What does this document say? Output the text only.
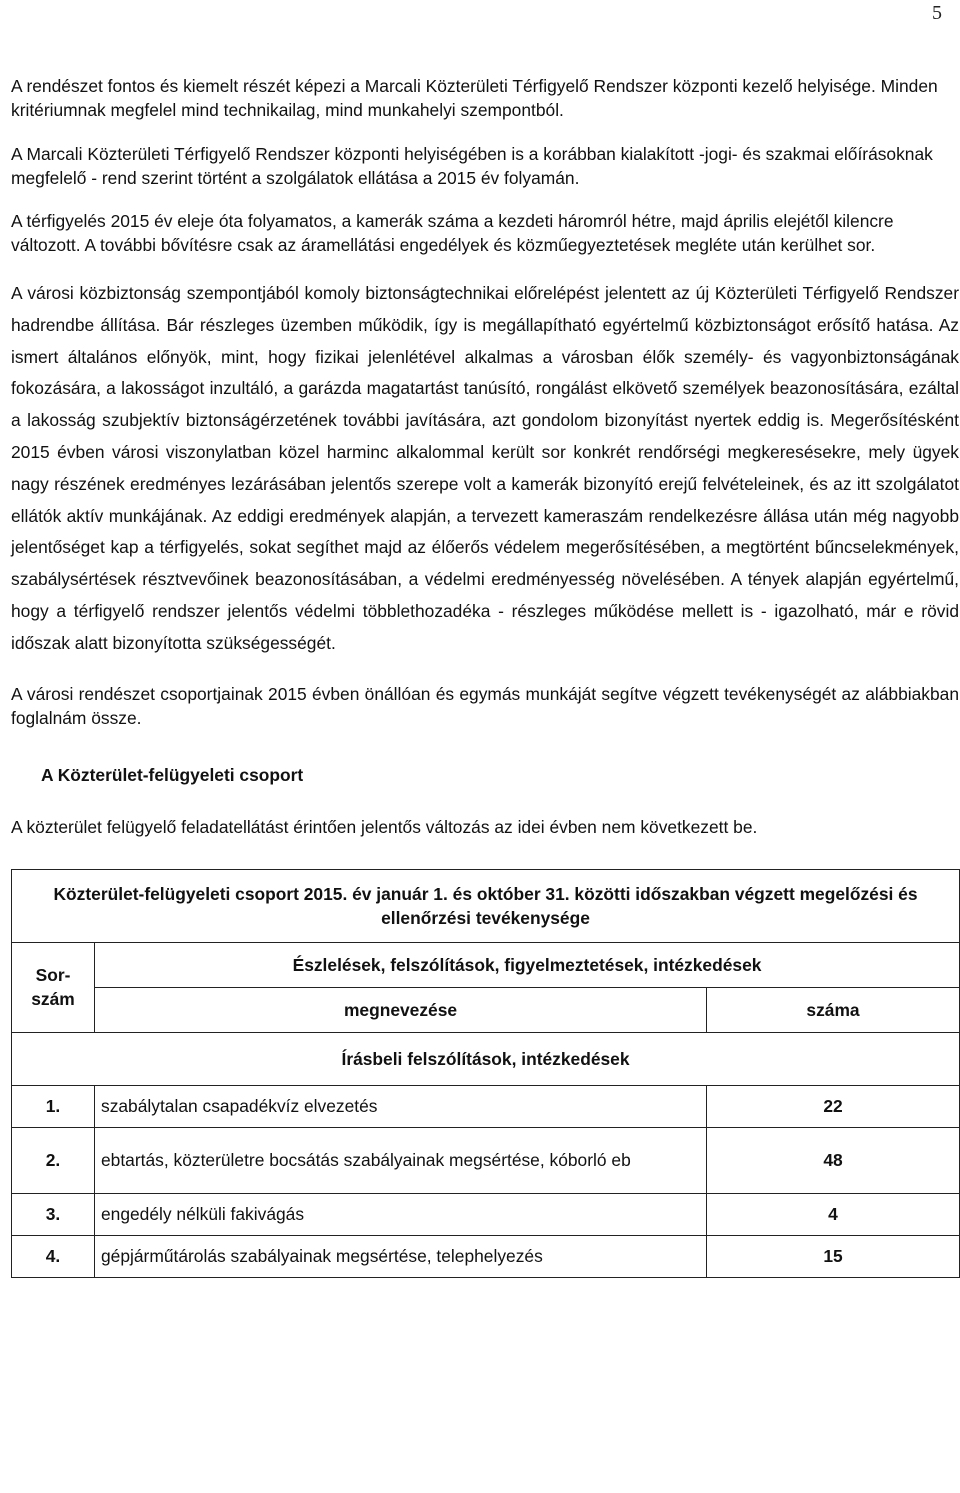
5

A rendészet fontos és kiemelt részét képezi a Marcali Közterületi Térfigyelő Rendszer központi kezelő helyisége. Minden kritériumnak megfelel mind technikailag, mind munkahelyi szempontból.

A Marcali Közterületi Térfigyelő Rendszer központi helyiségében is a korábban kialakított -jogi- és szakmai előírásoknak megfelelő - rend szerint történt a szolgálatok ellátása a 2015 év folyamán.

A térfigyelés 2015 év eleje óta folyamatos, a kamerák száma a kezdeti háromról hétre, majd április elejétől kilencre változott. A további bővítésre csak az áramellátási engedélyek és közműegyeztetések megléte után kerülhet sor.

A városi közbiztonság szempontjából komoly biztonságtechnikai előrelépést jelentett az új Közterületi Térfigyelő Rendszer hadrendbe állítása. Bár részleges üzemben működik, így is megállapítható egyértelmű közbiztonságot erősítő hatása. Az ismert általános előnyök, mint, hogy fizikai jelenlétével alkalmas a városban élők személy- és vagyonbiztonságának fokozására, a lakosságot inzultáló, a garázda magatartást tanúsító, rongálást elkövető személyek beazonosítására, ezáltal a lakosság szubjektív biztonságérzetének további javítására, azt gondolom bizonyítást nyertek eddig is. Megerősítésként 2015 évben városi viszonylatban közel harminc alkalommal került sor konkrét rendőrségi megkeresésekre, mely ügyek nagy részének eredményes lezárásában jelentős szerepe volt a kamerák bizonyító erejű felvételeinek, és az itt szolgálatot ellátók aktív munkájának. Az eddigi eredmények alapján, a tervezett kameraszám rendelkezésre állása után még nagyobb jelentőséget kap a térfigyelés, sokat segíthet majd az élőerős védelem megerősítésében, a megtörtént bűncselekmények, szabálysértések résztvevőinek beazonosításában, a védelmi eredményesség növelésében. A tények alapján egyértelmű, hogy a térfigyelő rendszer jelentős védelmi többlethozadéka - részleges működése mellett is - igazolható, már e rövid időszak alatt bizonyította szükségességét.

A városi rendészet csoportjainak 2015 évben önállóan és egymás munkáját segítve végzett tevékenységét az alábbiakban foglalnám össze.

A Közterület-felügyeleti csoport

A közterület felügyelő feladatellátást érintően jelentős változás az idei évben nem következett be.

Közterület-felügyeleti csoport 2015. év január 1. és október 31. közötti időszakban végzett megelőzési és ellenőrzési tevékenysége		
Sor-
szám	Észlelések, felszólítások, figyelmeztetések, intézkedések	
	megnevezése	száma
Írásbeli felszólítások, intézkedések		
1.	szabálytalan csapadékvíz elvezetés	22
2.	ebtartás, közterületre bocsátás szabályainak megsértése, kóborló eb	48
3.	engedély nélküli fakivágás	4
4.	gépjárműtárolás szabályainak megsértése, telephelyezés	15
